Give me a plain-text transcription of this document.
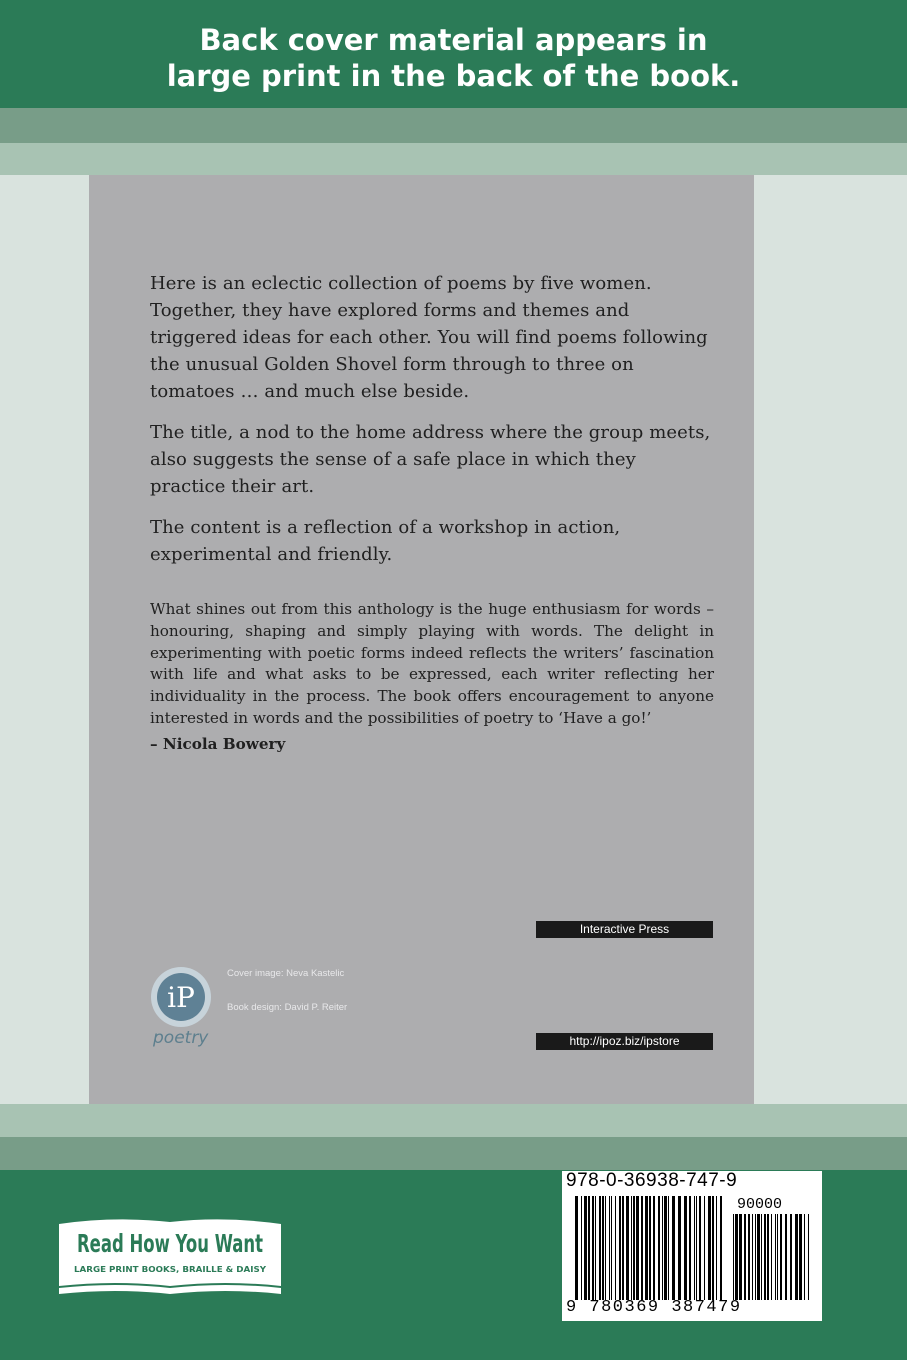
Back cover material appears in
large print in the back of the book.
Here is an eclectic collection of poems by five women. Together, they have explored forms and themes and triggered ideas for each other. You will find poems following the unusual Golden Shovel form through to three on tomatoes … and much else beside.
The title, a nod to the home address where the group meets, also suggests the sense of a safe place in which they practice their art.
The content is a reflection of a workshop in action, experimental and friendly.
What shines out from this anthology is the huge enthusiasm for words – honouring, shaping and simply playing with words. The delight in experimenting with poetic forms indeed reflects the writers’ fascination with life and what asks to be expressed, each writer reflecting her individuality in the process. The book offers encouragement to anyone interested in words and the possibilities of poetry to ‘Have a go!’
– Nicola Bowery
Interactive Press
iP
poetry
Cover image: Neva Kastelic
Book design: David P. Reiter
http://ipoz.biz/ipstore
Read How You Want
LARGE PRINT BOOKS, BRAILLE & DAISY
978-0-36938-747-9
90000
9 780369 387479
